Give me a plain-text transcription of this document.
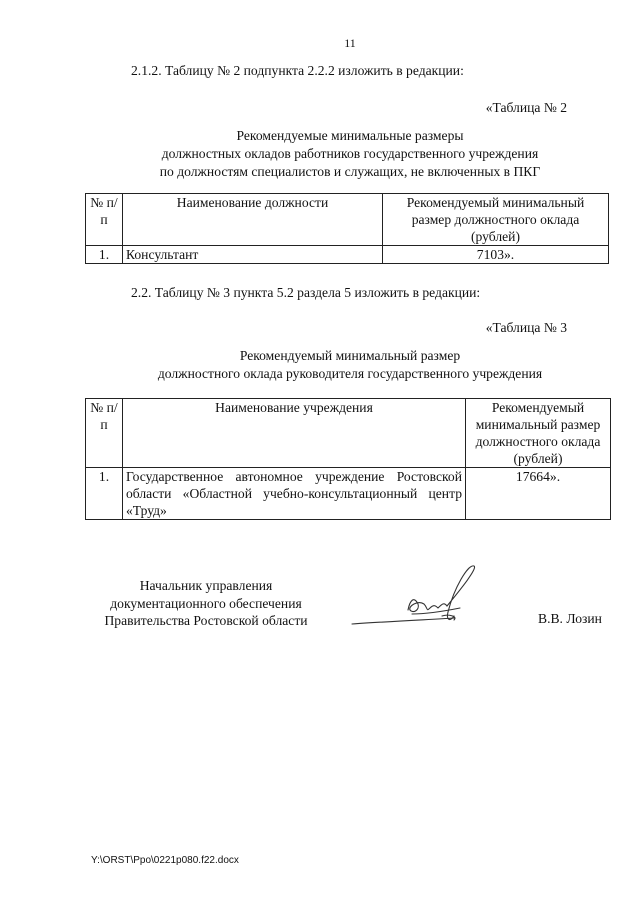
11
2.1.2. Таблицу № 2 подпункта 2.2.2 изложить в редакции:
«Таблица № 2
Рекомендуемые минимальные размеры
должностных окладов работников государственного учреждения
по должностям специалистов и служащих, не включенных в ПКГ
№ п/п	Наименование должности	Рекомендуемый минимальный размер должностного оклада (рублей)
1.	Консультант	7103».
2.2. Таблицу № 3 пункта 5.2 раздела 5 изложить в редакции:
«Таблица № 3
Рекомендуемый минимальный размер
должностного оклада руководителя государственного учреждения
№ п/п	Наименование учреждения	Рекомендуемый минимальный размер должностного оклада (рублей)
1.	Государственное автономное учреждение Ростовской области «Областной учебно-консультационный центр «Труд»	17664».
Начальник управления
документационного обеспечения
Правительства Ростовской области	В.В. Лозин
Y:\ORST\Ppo\0221p080.f22.docx
